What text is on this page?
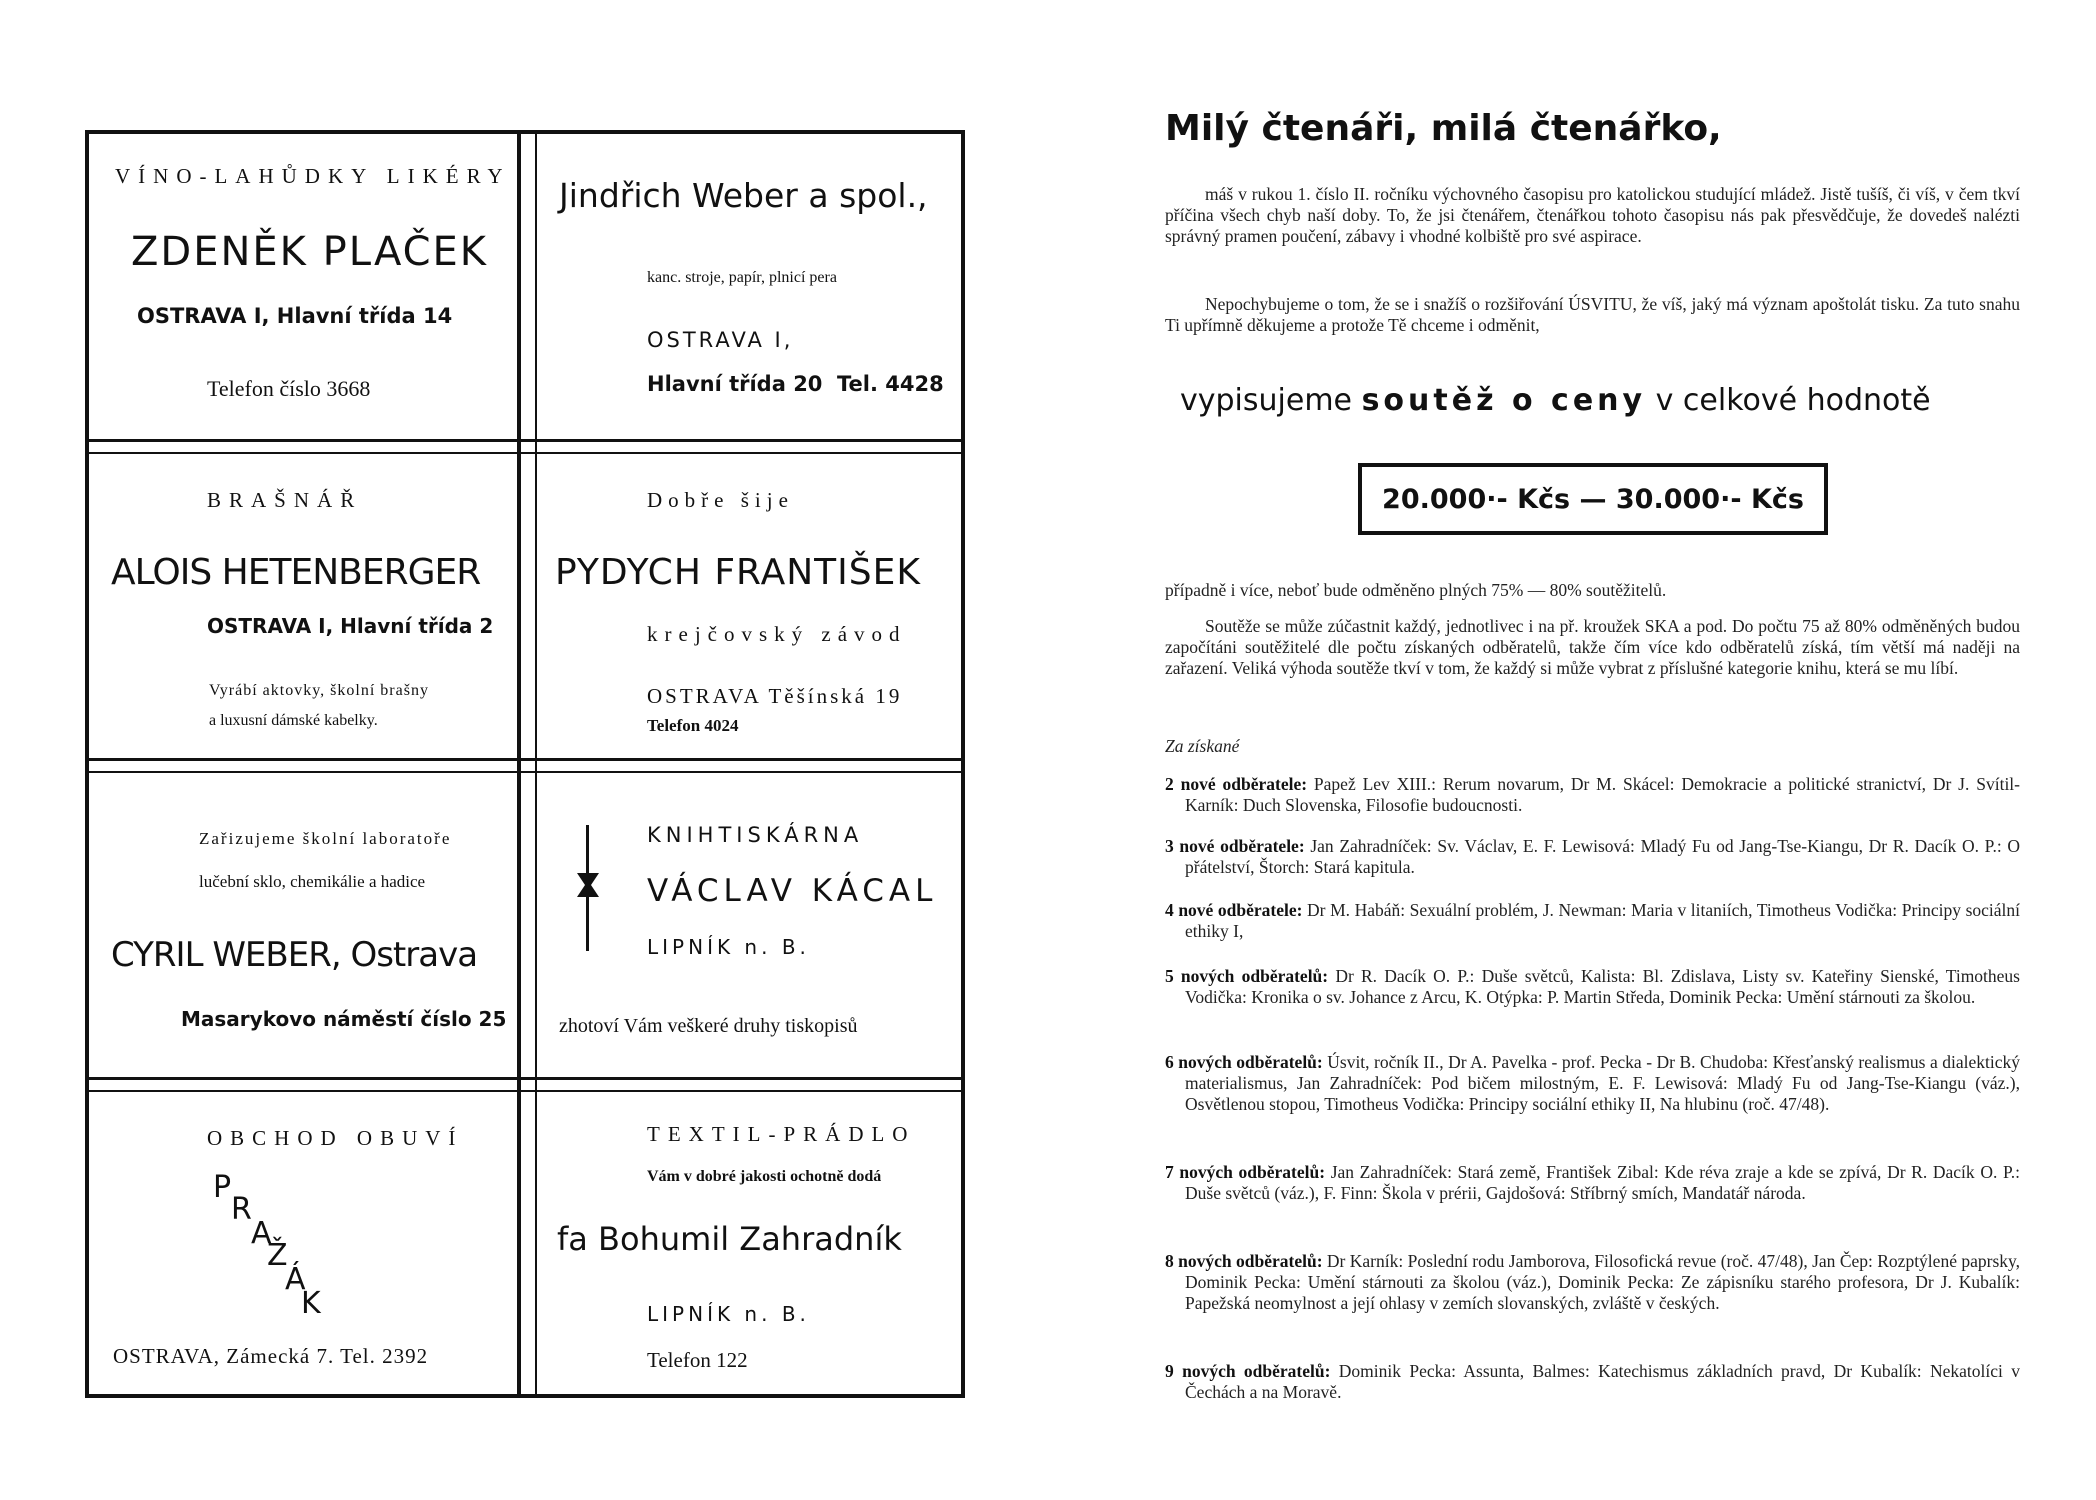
VÍNO-LAHŮDKY LIKÉRY
ZDENĚK PLAČEK
OSTRAVA I, Hlavní třída 14
Telefon číslo 3668
Jindřich Weber a spol.,
kanc. stroje, papír, plnicí pera
OSTRAVA I,
Hlavní třída 20 Tel. 4428
BRAŠNÁŘ
ALOIS HETENBERGER
OSTRAVA I, Hlavní třída 2
Vyrábí aktovky, školní brašny
a luxusní dámské kabelky.
Dobře šije
PYDYCH FRANTIŠEK
krejčovský závod
OSTRAVA Těšínská 19
Telefon 4024
Zařizujeme školní laboratoře
lučební sklo, chemikálie a hadice
CYRIL WEBER, Ostrava
Masarykovo náměstí číslo 25
KNIHTISKÁRNA
VÁCLAV KÁCAL
LIPNÍK n. B.
zhotoví Vám veškeré druhy tiskopisů
OBCHOD OBUVÍ
P
R
A
Ž
Á
K
OSTRAVA, Zámecká 7. Tel. 2392
TEXTIL-PRÁDLO
Vám v dobré jakosti ochotně dodá
fa Bohumil Zahradník
LIPNÍK n. B.
Telefon 122
Milý čtenáři, milá čtenářko,
máš v rukou 1. číslo II. ročníku výchovného časopisu pro katolickou studující mládež. Jistě tušíš, či víš, v čem tkví příčina všech chyb naší doby. To, že jsi čtenářem, čtenářkou tohoto časopisu nás pak přesvědčuje, že dovedeš nalézti správný pramen poučení, zábavy i vhodné kolbiště pro své aspirace.
Nepochybujeme o tom, že se i snažíš o rozšiřování ÚSVITU, že víš, jaký má význam apoštolát tisku. Za tuto snahu Ti upřímně děkujeme a protože Tě chceme i odměnit,
vypisujeme soutěž o ceny v celkové hodnotě
20.000·- Kčs — 30.000·- Kčs
případně i více, neboť bude odměněno plných 75% — 80% soutěžitelů.
Soutěže se může zúčastnit každý, jednotlivec i na př. kroužek SKA a pod. Do počtu 75 až 80% odměněných budou započítáni soutěžitelé dle počtu získaných odběratelů, takže čím více kdo odběratelů získá, tím větší má naději na zařazení. Veliká výhoda soutěže tkví v tom, že každý si může vybrat z příslušné kategorie knihu, která se mu líbí.
Za získané
2 nové odběratele: Papež Lev XIII.: Rerum novarum, Dr M. Skácel: Demokracie a politické stranictví, Dr J. Svítil-Karník: Duch Slovenska, Filosofie budoucnosti.
3 nové odběratele: Jan Zahradníček: Sv. Václav, E. F. Lewisová: Mladý Fu od Jang-Tse-Kiangu, Dr R. Dacík O. P.: O přátelství, Štorch: Stará kapitula.
4 nové odběratele: Dr M. Habáň: Sexuální problém, J. Newman: Maria v litaniích, Timotheus Vodička: Principy sociální ethiky I,
5 nových odběratelů: Dr R. Dacík O. P.: Duše světců, Kalista: Bl. Zdislava, Listy sv. Kateřiny Sienské, Timotheus Vodička: Kronika o sv. Johance z Arcu, K. Otýpka: P. Martin Středa, Dominik Pecka: Umění stárnouti za školou.
6 nových odběratelů: Úsvit, ročník II., Dr A. Pavelka - prof. Pecka - Dr B. Chudoba: Křesťanský realismus a dialektický materialismus, Jan Zahradníček: Pod bičem milostným, E. F. Lewisová: Mladý Fu od Jang-Tse-Kiangu (váz.), Osvětlenou stopou, Timotheus Vodička: Principy sociální ethiky II, Na hlubinu (roč. 47/48).
7 nových odběratelů: Jan Zahradníček: Stará země, František Zibal: Kde réva zraje a kde se zpívá, Dr R. Dacík O. P.: Duše světců (váz.), F. Finn: Škola v prérii, Gajdošová: Stříbrný smích, Mandatář národa.
8 nových odběratelů: Dr Karník: Poslední rodu Jamborova, Filosofická revue (roč. 47/48), Jan Čep: Rozptýlené paprsky, Dominik Pecka: Umění stárnouti za školou (váz.), Dominik Pecka: Ze zápisníku starého profesora, Dr J. Kubalík: Papežská neomylnost a její ohlasy v zemích slovanských, zvláště v českých.
9 nových odběratelů: Dominik Pecka: Assunta, Balmes: Katechismus základních pravd, Dr Kubalík: Nekatolíci v Čechách a na Moravě.
